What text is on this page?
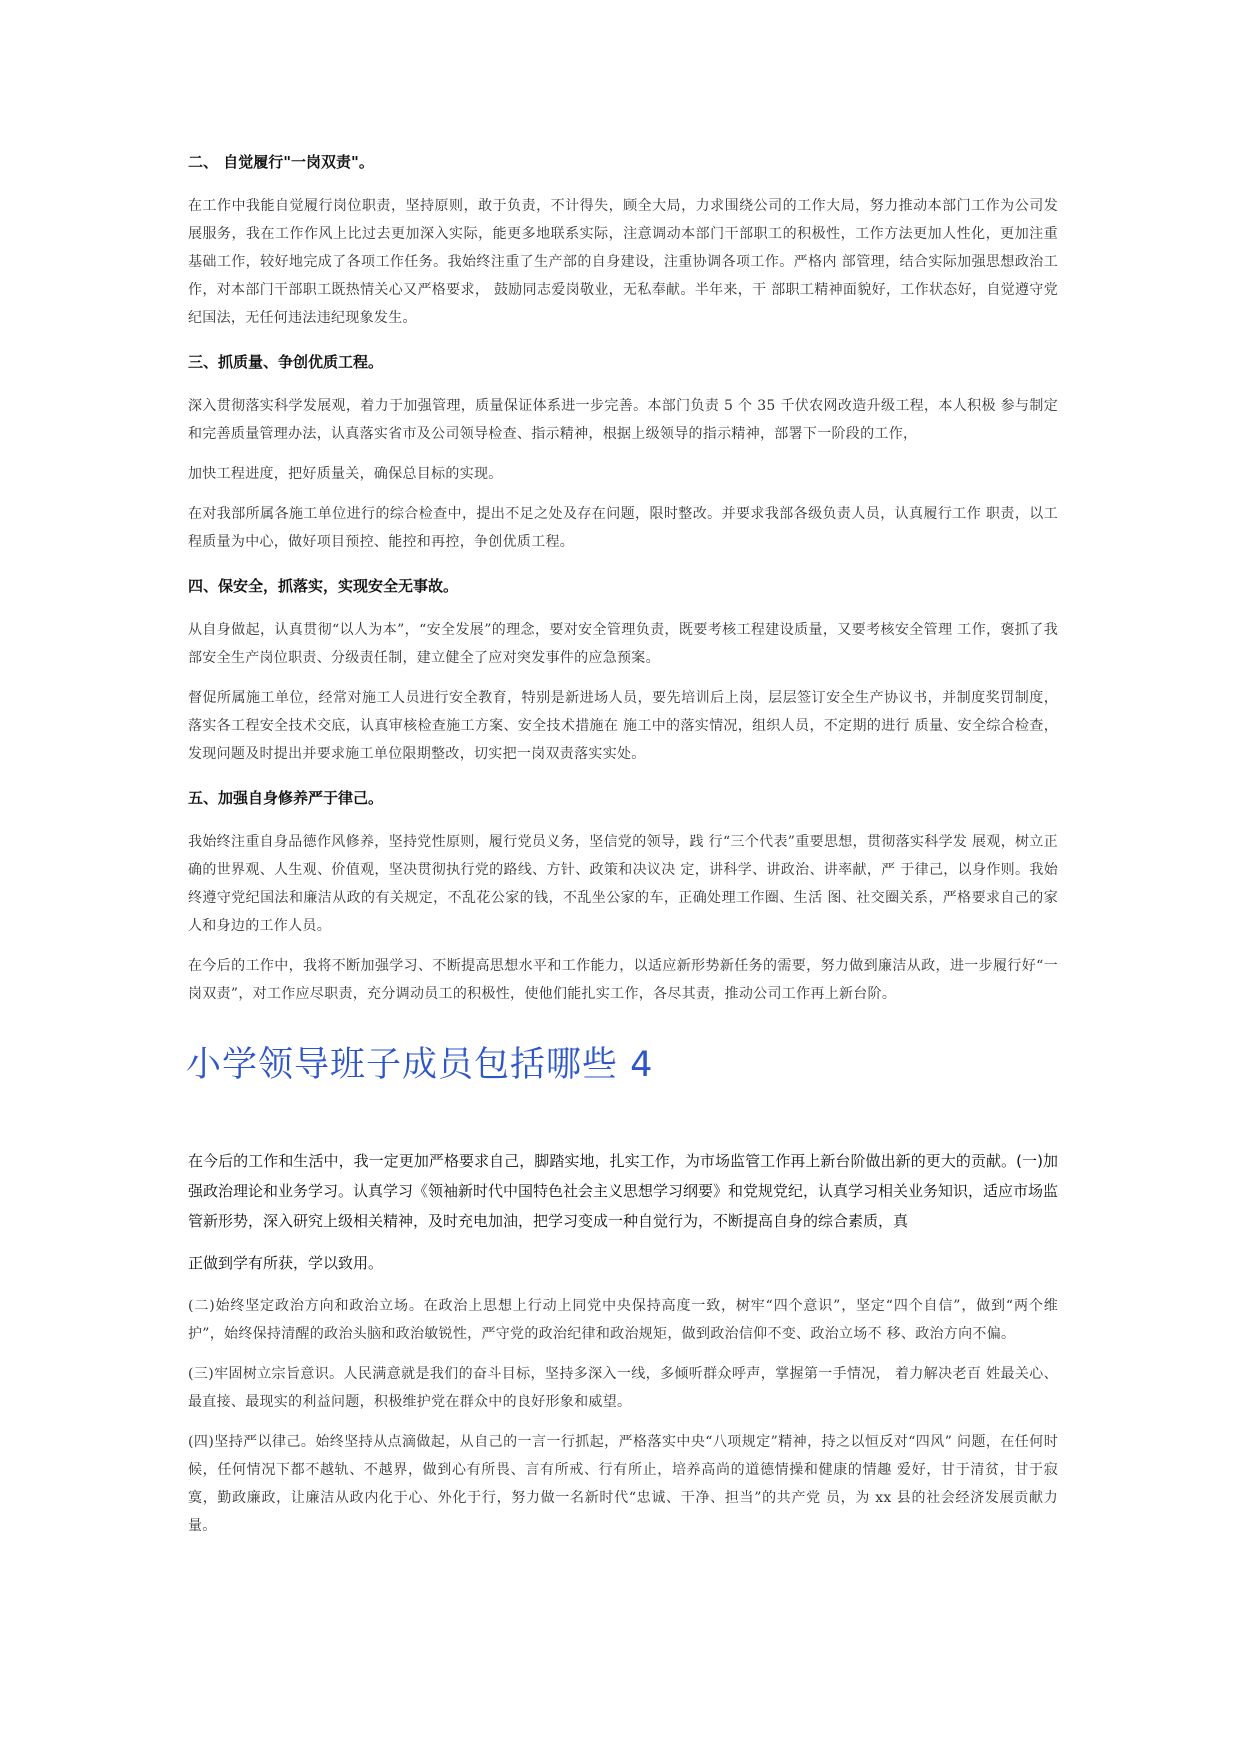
二、 自觉履行"一岗双责"。

在工作中我能自觉履行岗位职责，坚持原则，敢于负责，不计得失，顾全大局，力求围绕公司的工作大局，努力推动本部门工作为公司发展服务，我在工作作风上比过去更加深入实际，能更多地联系实际，注意调动本部门干部职工的积极性，工作方法更加人性化，更加注重基础工作，较好地完成了各项工作任务。我始终注重了生产部的自身建设，注重协调各项工作。严格内 部管理，结合实际加强思想政治工作，对本部门干部职工既热情关心又严格要求， 鼓励同志爱岗敬业，无私奉献。半年来，干 部职工精神面貌好，工作状态好，自觉遵守党纪国法，无任何违法违纪现象发生。

三、抓质量、争创优质工程。

深入贯彻落实科学发展观，着力于加强管理，质量保证体系进一步完善。本部门负责 5 个 35 千伏农网改造升级工程，本人积极 参与制定和完善质量管理办法，认真落实省市及公司领导检查、指示精神，根据上级领导的指示精神，部署下一阶段的工作，

加快工程进度，把好质量关，确保总目标的实现。

在对我部所属各施工单位进行的综合检查中，提出不足之处及存在问题，限时整改。并要求我部各级负责人员，认真履行工作 职责，以工程质量为中心，做好项目预控、能控和再控，争创优质工程。

四、保安全，抓落实，实现安全无事故。

从自身做起，认真贯彻“以人为本”，“安全发展”的理念，要对安全管理负责，既要考核工程建设质量，又要考核安全管理 工作，褒抓了我部安全生产岗位职责、分级责任制，建立健全了应对突发事件的应急预案。

督促所属施工单位，经常对施工人员进行安全教育，特别是新进场人员，要先培训后上岗，层层签订安全生产协议书，并制度奖罚制度，落实各工程安全技术交底，认真审核检查施工方案、安全技术措施在 施工中的落实情况，组织人员，不定期的进行 质量、安全综合检查，发现问题及时提出并要求施工单位限期整改，切实把一岗双责落实实处。

五、加强自身修养严于律己。

我始终注重自身品德作风修养，坚持党性原则，履行党员义务，坚信党的领导，践 行“三个代表”重要思想，贯彻落实科学发 展观，树立正确的世界观、人生观、价值观，坚决贯彻执行党的路线、方针、政策和决议决 定，讲科学、讲政治、讲率献，严 于律己，以身作则。我始终遵守党纪国法和廉洁从政的有关规定，不乱花公家的钱，不乱坐公家的车，正确处理工作圈、生活 图、社交圈关系，严格要求自己的家人和身边的工作人员。

在今后的工作中，我将不断加强学习、不断提高思想水平和工作能力，以适应新形势新任务的需要，努力做到廉洁从政，进一步履行好“一岗双责”，对工作应尽职责，充分调动员工的积极性，使他们能扎实工作，各尽其责，推动公司工作再上新台阶。

小学领导班子成员包括哪些 4

在今后的工作和生活中，我一定更加严格要求自己，脚踏实地，扎实工作，为市场监管工作再上新台阶做出新的更大的贡献。(一)加强政治理论和业务学习。认真学习《领袖新时代中国特色社会主义思想学习纲要》和党规党纪，认真学习相关业务知识，适应市场监管新形势，深入研究上级相关精神，及时充电加油，把学习变成一种自觉行为，不断提高自身的综合素质，真

正做到学有所获，学以致用。

(二)始终坚定政治方向和政治立场。在政治上思想上行动上同党中央保持高度一致，树牢“四个意识”，坚定“四个自信”，做到“两个维护”，始终保持清醒的政治头脑和政治敏锐性，严守党的政治纪律和政治规矩，做到政治信仰不变、政治立场不 移、政治方向不偏。

(三)牢固树立宗旨意识。人民满意就是我们的奋斗目标，坚持多深入一线，多倾听群众呼声，掌握第一手情况， 着力解决老百 姓最关心、最直接、最现实的利益问题，积极维护党在群众中的良好形象和威望。

(四)坚持严以律己。始终坚持从点滴做起，从自己的一言一行抓起，严格落实中央“八项规定”精神，持之以恒反对“四风” 问题，在任何时候，任何情况下都不越轨、不越界，做到心有所畏、言有所戒、行有所止，培养高尚的道德情操和健康的情趣 爱好，甘于清贫，甘于寂寞，勤政廉政，让廉洁从政内化于心、外化于行，努力做一名新时代“忠诚、干净、担当”的共产党 员，为 xx 县的社会经济发展贡献力量。
